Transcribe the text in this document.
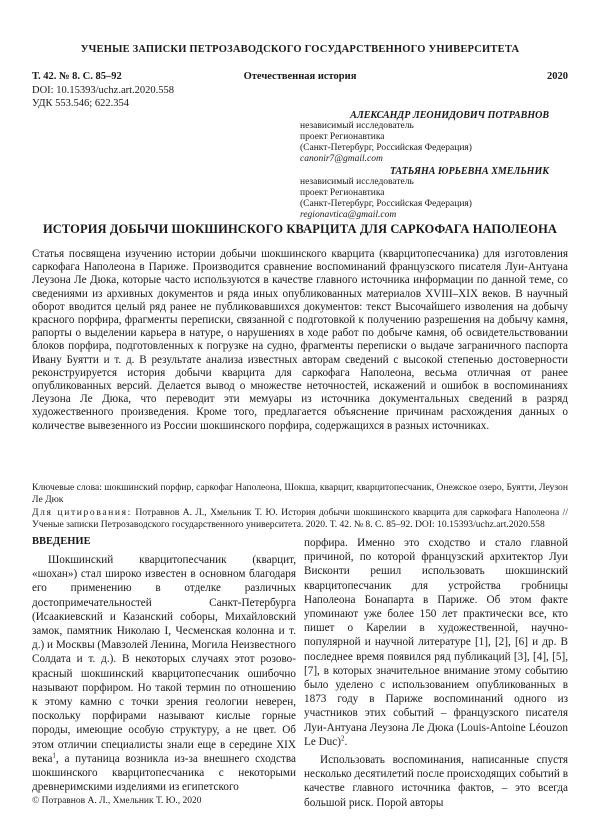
УЧЕНЫЕ ЗАПИСКИ ПЕТРОЗАВОДСКОГО ГОСУДАРСТВЕННОГО УНИВЕРСИТЕТА
Т. 42. № 8. С. 85–92	Отечественная история	2020
DOI: 10.15393/uchz.art.2020.558
УДК 553.546; 622.354
АЛЕКСАНДР ЛЕОНИДОВИЧ ПОТРАВНОВ
независимый исследователь
проект Регионавтика
(Санкт-Петербург, Российская Федерация)
canonir7@gmail.com
ТАТЬЯНА ЮРЬЕВНА ХМЕЛЬНИК
независимый исследователь
проект Регионавтика
(Санкт-Петербург, Российская Федерация)
regionavtica@gmail.com
ИСТОРИЯ ДОБЫЧИ ШОКШИНСКОГО КВАРЦИТА ДЛЯ САРКОФАГА НАПОЛЕОНА
Статья посвящена изучению истории добычи шокшинского кварцита (кварцитопесчаника) для изготовления саркофага Наполеона в Париже. Производится сравнение воспоминаний французского писателя Луи-Антуана Леузона Ле Дюка, которые часто используются в качестве главного источника информации по данной теме, со сведениями из архивных документов и ряда иных опубликованных материалов XVIII–XIX веков. В научный оборот вводится целый ряд ранее не публиковавшихся документов: текст Высочайшего изволения на добычу красного порфира, фрагменты переписки, связанной с подготовкой к получению разрешения на добычу камня, рапорты о выделении карьера в натуре, о нарушениях в ходе работ по добыче камня, об освидетельствовании блоков порфира, подготовленных к погрузке на судно, фрагменты переписки о выдаче заграничного паспорта Ивану Буятти и т. д. В результате анализа известных авторам сведений с высокой степенью достоверности реконструируется история добычи кварцита для саркофага Наполеона, весьма отличная от ранее опубликованных версий. Делается вывод о множестве неточностей, искажений и ошибок в воспоминаниях Леузона Ле Дюка, что переводит эти мемуары из источника документальных сведений в разряд художественного произведения. Кроме того, предлагается объяснение причинам расхождения данных о количестве вывезенного из России шокшинского порфира, содержащихся в разных источниках.
Ключевые слова: шокшинский порфир, саркофаг Наполеона, Шокша, кварцит, кварцитопесчаник, Онежское озеро, Буятти, Леузон Ле Дюк
Для цитирования: Потравнов А. Л., Хмельник Т. Ю. История добычи шокшинского кварцита для саркофага Наполеона // Ученые записки Петрозаводского государственного университета. 2020. Т. 42. № 8. С. 85–92. DOI: 10.15393/uchz.art.2020.558
ВВЕДЕНИЕ

Шокшинский кварцитопесчаник (кварцит, «шохан») стал широко известен в основном благодаря его применению в отделке различных достопримечательностей Санкт-Петербурга (Исаакиевский и Казанский соборы, Михайловский замок, памятник Николаю I, Чесменская колонна и т. д.) и Москвы (Мавзолей Ленина, Могила Неизвестного Солдата и т. д.). В некоторых случаях этот розово-красный шокшинский кварцитопесчаник ошибочно называют порфиром. Но такой термин по отношению к этому камню с точки зрения геологии неверен, поскольку порфирами называют кислые горные породы, имеющие особую структуру, а не цвет. Об этом отличии специалисты знали еще в середине XIX века$^1$, а путаница возникла из-за внешнего сходства шокшинского кварцитопесчаника с некоторыми древнеримскими изделиями из египетского

порфира. Именно это сходство и стало главной причиной, по которой французский архитектор Луи Висконти решил использовать шокшинский кварцитопесчаник для устройства гробницы Наполеона Бонапарта в Париже. Об этом факте упоминают уже более 150 лет практически все, кто пишет о Карелии в художественной, научно-популярной и научной литературе [1], [2], [6] и др. В последнее время появился ряд публикаций [3], [4], [5], [7], в которых значительное внимание этому событию было уделено с использованием опубликованных в 1873 году в Париже воспоминаний одного из участников этих событий – французского писателя Луи-Антуана Леузона Ле Дюка (Louis-Antoine Léouzon Le Duc)$^2$.

Использовать воспоминания, написанные спустя несколько десятилетий после происходящих событий в качестве главного источника фактов, – это всегда большой риск. Порой авторы

© Потравнов А. Л., Хмельник Т. Ю., 2020
